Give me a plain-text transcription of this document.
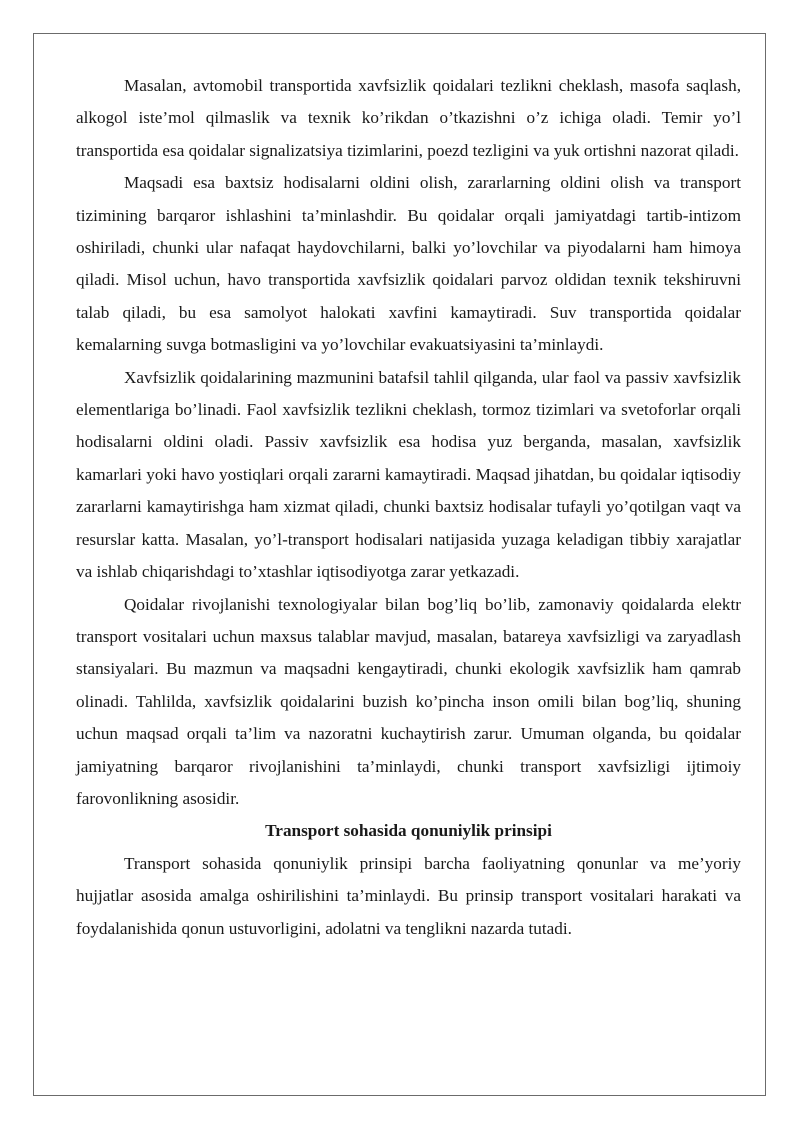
Masalan, avtomobil transportida xavfsizlik qoidalari tezlikni cheklash, masofa saqlash, alkogol iste’mol qilmaslik va texnik ko’rikdan o’tkazishni o’z ichiga oladi. Temir yo’l transportida esa qoidalar signalizatsiya tizimlarini, poezd tezligini va yuk ortishni nazorat qiladi.

Maqsadi esa baxtsiz hodisalarni oldini olish, zararlarning oldini olish va transport tizimining barqaror ishlashini ta’minlashdir. Bu qoidalar orqali jamiyatdagi tartib-intizom oshiriladi, chunki ular nafaqat haydovchilarni, balki yo’lovchilar va piyodalarni ham himoya qiladi. Misol uchun, havo transportida xavfsizlik qoidalari parvoz oldidan texnik tekshiruvni talab qiladi, bu esa samolyot halokati xavfini kamaytiradi. Suv transportida qoidalar kemalarning suvga botmasligini va yo’lovchilar evakuatsiyasini ta’minlaydi.

Xavfsizlik qoidalarining mazmunini batafsil tahlil qilganda, ular faol va passiv xavfsizlik elementlariga bo’linadi. Faol xavfsizlik tezlikni cheklash, tormoz tizimlari va svetoforlar orqali hodisalarni oldini oladi. Passiv xavfsizlik esa hodisa yuz berganda, masalan, xavfsizlik kamarlari yoki havo yostiqlari orqali zararni kamaytiradi. Maqsad jihatdan, bu qoidalar iqtisodiy zararlarni kamaytirishga ham xizmat qiladi, chunki baxtsiz hodisalar tufayli yo’qotilgan vaqt va resurslar katta. Masalan, yo’l-transport hodisalari natijasida yuzaga keladigan tibbiy xarajatlar va ishlab chiqarishdagi to’xtashlar iqtisodiyotga zarar yetkazadi.

Qoidalar rivojlanishi texnologiyalar bilan bog’liq bo’lib, zamonaviy qoidalarda elektr transport vositalari uchun maxsus talablar mavjud, masalan, batareya xavfsizligi va zaryadlash stansiyalari. Bu mazmun va maqsadni kengaytiradi, chunki ekologik xavfsizlik ham qamrab olinadi. Tahlilda, xavfsizlik qoidalarini buzish ko’pincha inson omili bilan bog’liq, shuning uchun maqsad orqali ta’lim va nazoratni kuchaytirish zarur. Umuman olganda, bu qoidalar jamiyatning barqaror rivojlanishini ta’minlaydi, chunki transport xavfsizligi ijtimoiy farovonlikning asosidir.

Transport sohasida qonuniylik prinsipi

Transport sohasida qonuniylik prinsipi barcha faoliyatning qonunlar va me’yoriy hujjatlar asosida amalga oshirilishini ta’minlaydi. Bu prinsip transport vositalari harakati va foydalanishida qonun ustuvorligini, adolatni va tenglikni nazarda tutadi.
